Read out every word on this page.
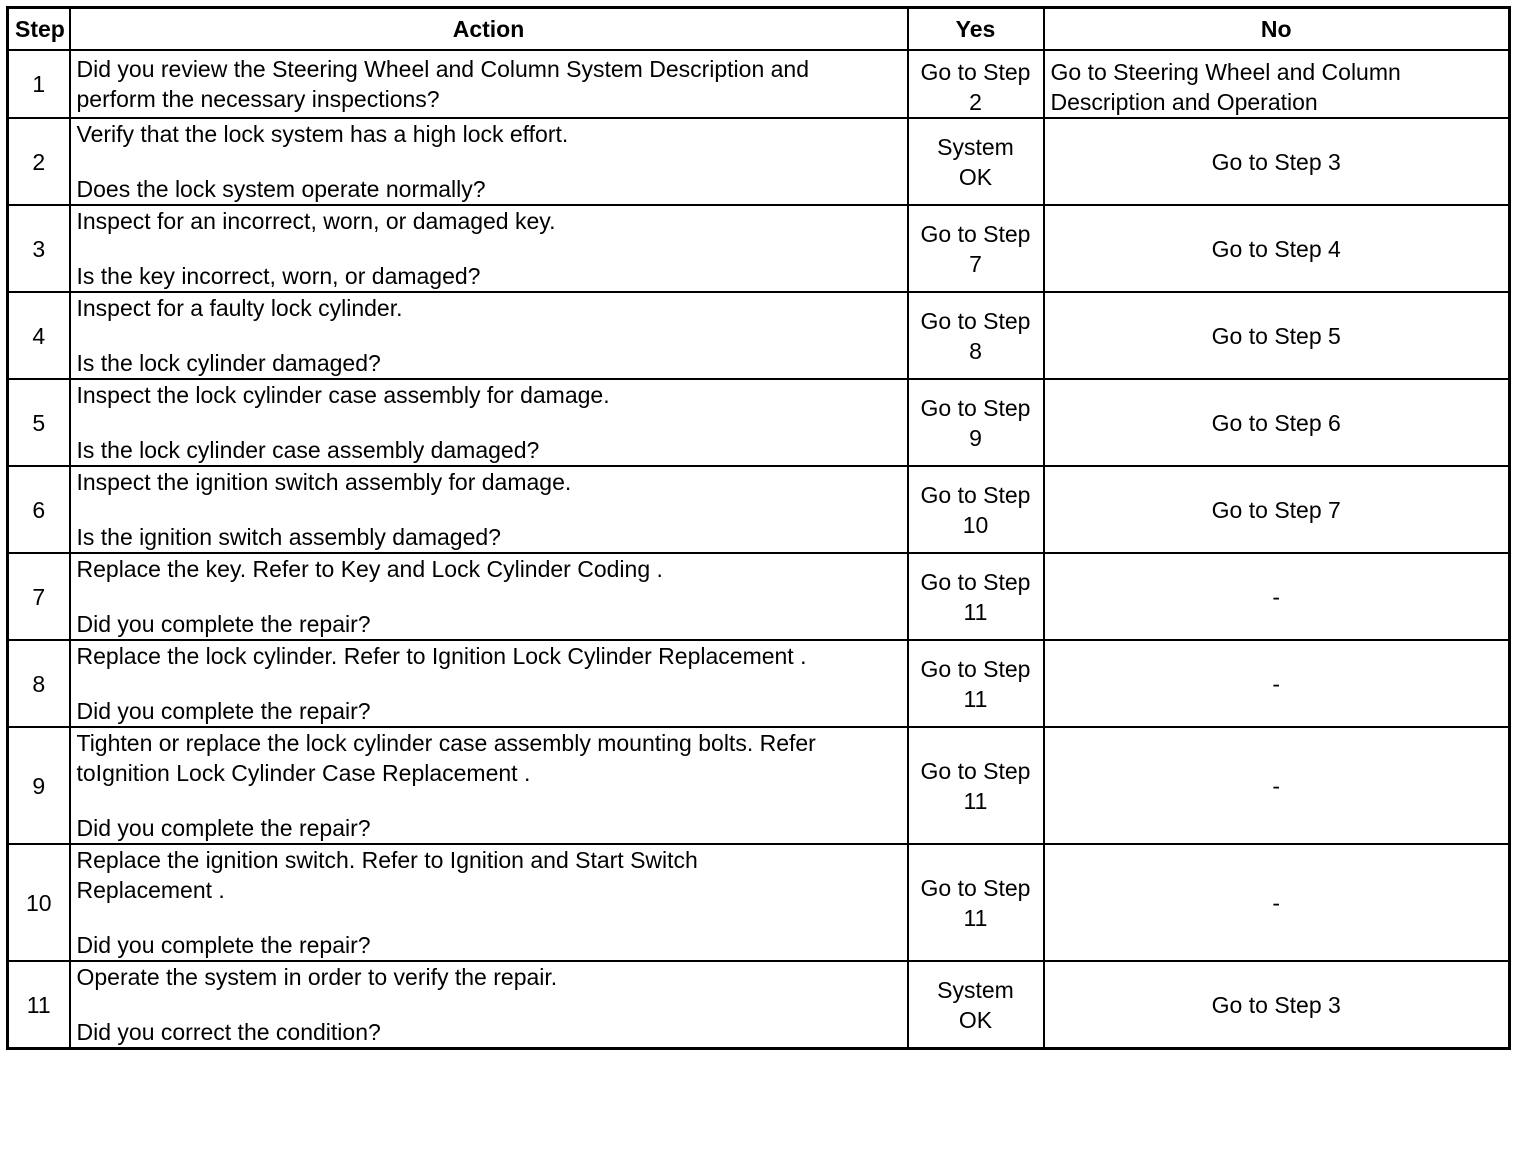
Step	Action	Yes	No
1	Did you review the Steering Wheel and Column System Description and
perform the necessary inspections?	Go to Step
2	Go to Steering Wheel and Column
Description and Operation

2	Verify that the lock system has a high lock effort.
Does the lock system operate normally?	System
OK	Go to Step 3

3	Inspect for an incorrect, worn, or damaged key.
Is the key incorrect, worn, or damaged?	Go to Step
7	Go to Step 4

4	Inspect for a faulty lock cylinder.
Is the lock cylinder damaged?	Go to Step
8	Go to Step 5

5	Inspect the lock cylinder case assembly for damage.
Is the lock cylinder case assembly damaged?	Go to Step
9	Go to Step 6

6	Inspect the ignition switch assembly for damage.
Is the ignition switch assembly damaged?	Go to Step
10	Go to Step 7

7	Replace the key. Refer to Key and Lock Cylinder Coding .
Did you complete the repair?	Go to Step
11	-

8	Replace the lock cylinder. Refer to Ignition Lock Cylinder Replacement .
Did you complete the repair?	Go to Step
11	-

9	Tighten or replace the lock cylinder case assembly mounting bolts. Refer
toIgnition Lock Cylinder Case Replacement .
Did you complete the repair?	Go to Step
11	-

10	Replace the ignition switch. Refer to Ignition and Start Switch
Replacement .
Did you complete the repair?	Go to Step
11	-

11	Operate the system in order to verify the repair.
Did you correct the condition?	System
OK	Go to Step 3
